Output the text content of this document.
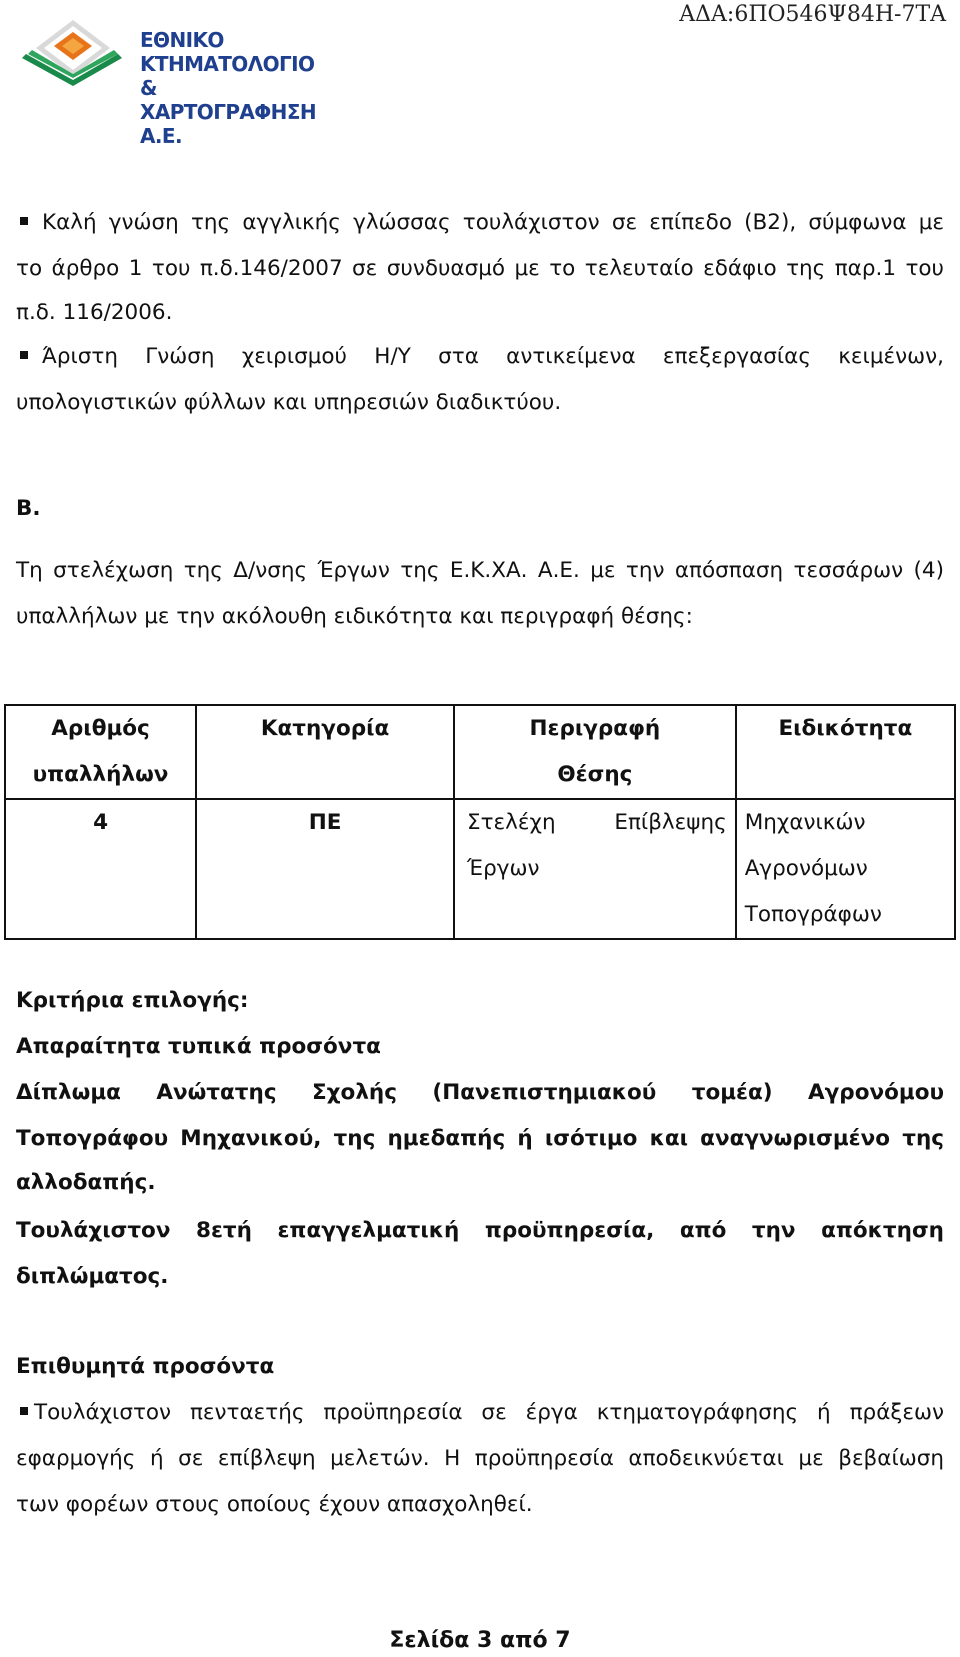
ΑΔΑ:6ΠΟ546Ψ84Η-7ΤΑ
ΕΘΝΙΚΟ ΚΤΗΜΑΤΟΛΟΓΙΟ
& ΧΑΡΤΟΓΡΑΦΗΣΗ Α.Ε.

Καλή γνώση της αγγλικής γλώσσας τουλάχιστον σε επίπεδο (Β2), σύμφωνα με

το άρθρο 1 του π.δ.146/2007 σε συνδυασμό με το τελευταίο εδάφιο της παρ.1 του

π.δ. 116/2006.

Άριστη Γνώση χειρισμού Η/Υ στα αντικείμενα επεξεργασίας κειμένων,

υπολογιστικών φύλλων και υπηρεσιών διαδικτύου.

Β.

Τη στελέχωση της Δ/νσης Έργων της Ε.Κ.ΧΑ. Α.Ε. με την απόσπαση τεσσάρων (4)

υπαλλήλων με την ακόλουθη ειδικότητα και περιγραφή θέσης:

Αριθμός υπαλλήλων	Κατηγορία	Περιγραφή Θέσης	Ειδικότητα
4	ΠΕ	Στελέχη Επίβλεψης Έργων	Μηχανικών
Αγρονόμων
Τοπογράφων

Κριτήρια επιλογής:

Απαραίτητα τυπικά προσόντα

Δίπλωμα Ανώτατης Σχολής (Πανεπιστημιακού τομέα) Αγρονόμου

Τοπογράφου Μηχανικού, της ημεδαπής ή ισότιμο και αναγνωρισμένο της

αλλοδαπής.

Τουλάχιστον 8ετή επαγγελματική προϋπηρεσία, από την απόκτηση

διπλώματος.

Επιθυμητά προσόντα

Τουλάχιστον πενταετής προϋπηρεσία σε έργα κτηματογράφησης ή πράξεων

εφαρμογής ή σε επίβλεψη μελετών. Η προϋπηρεσία αποδεικνύεται με βεβαίωση

των φορέων στους οποίους έχουν απασχοληθεί.

Σελίδα 3 από 7
